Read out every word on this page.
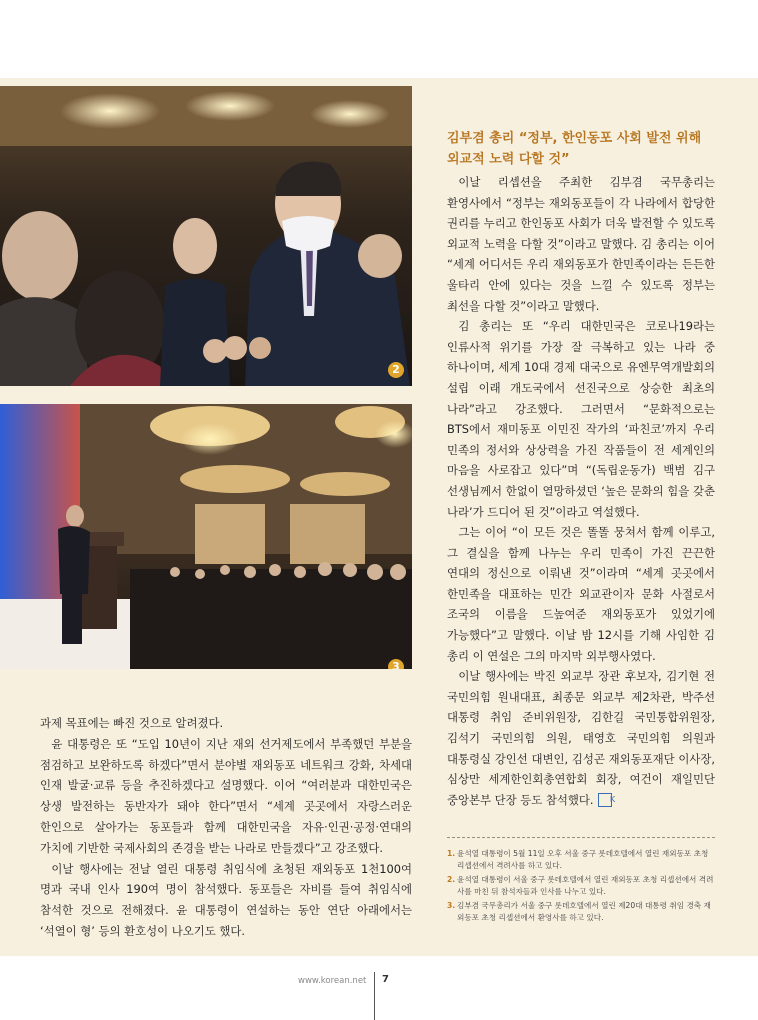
2
3
김부겸 총리 “정부, 한인동포 사회 발전 위해
외교적 노력 다할 것”

이날 리셉션을 주최한 김부겸 국무총리는 환영사에서 “정부는 재외동포들이 각 나라에서 합당한 권리를 누리고 한인동포 사회가 더욱 발전할 수 있도록 외교적 노력을 다할 것”이라고 말했다. 김 총리는 이어 “세계 어디서든 우리 재외동포가 한민족이라는 든든한 울타리 안에 있다는 것을 느낄 수 있도록 정부는 최선을 다할 것”이라고 말했다.

김 총리는 또 “우리 대한민국은 코로나19라는 인류사적 위기를 가장 잘 극복하고 있는 나라 중 하나이며, 세계 10대 경제 대국으로 유엔무역개발회의 설립 이래 개도국에서 선진국으로 상승한 최초의 나라”라고 강조했다. 그러면서 “문화적으로는 BTS에서 재미동포 이민진 작가의 ‘파친코’까지 우리 민족의 정서와 상상력을 가진 작품들이 전 세계인의 마음을 사로잡고 있다”며 “(독립운동가) 백범 김구 선생님께서 한없이 열망하셨던 ‘높은 문화의 힘을 갖춘 나라’가 드디어 된 것”이라고 역설했다.

그는 이어 “이 모든 것은 똘똘 뭉쳐서 함께 이루고, 그 결실을 함께 나누는 우리 민족이 가진 끈끈한 연대의 정신으로 이뤄낸 것”이라며 “세계 곳곳에서 한민족을 대표하는 민간 외교관이자 문화 사절로서 조국의 이름을 드높여준 재외동포가 있었기에 가능했다”고 말했다. 이날 밤 12시를 기해 사임한 김 총리 이 연설은 그의 마지막 외부행사였다.

이날 행사에는 박진 외교부 장관 후보자, 김기현 전 국민의힘 원내대표, 최종문 외교부 제2차관, 박주선 대통령 취임 준비위원장, 김한길 국민통합위원장, 김석기 국민의힘 의원, 태영호 국민의힘 의원과 대통령실 강인선 대변인, 김성곤 재외동포재단 이사장, 심상만 세계한인회총연합회 회장, 여건이 재일민단 중앙본부 단장 등도 참석했다. K

과제 목표에는 빠진 것으로 알려졌다.

윤 대통령은 또 “도입 10년이 지난 재외 선거제도에서 부족했던 부분을 점검하고 보완하도록 하겠다”면서 분야별 재외동포 네트워크 강화, 차세대 인재 발굴·교류 등을 추진하겠다고 설명했다. 이어 “여러분과 대한민국은 상생 발전하는 동반자가 돼야 한다”면서 “세계 곳곳에서 자랑스러운 한인으로 살아가는 동포들과 함께 대한민국을 자유·인권·공정·연대의 가치에 기반한 국제사회의 존경을 받는 나라로 만들겠다”고 강조했다.

이날 행사에는 전날 열린 대통령 취임식에 초청된 재외동포 1천100여 명과 국내 인사 190여 명이 참석했다. 동포들은 자비를 들여 취임식에 참석한 것으로 전해졌다. 윤 대통령이 연설하는 동안 연단 아래에서는 ‘석열이 형’ 등의 환호성이 나오기도 했다.

1. 윤석열 대통령이 5월 11일 오후 서울 중구 롯데호텔에서 열린 재외동포 초청 리셉션에서 격려사를 하고 있다.
2. 윤석열 대통령이 서울 중구 롯데호텔에서 열린 재외동포 초청 리셉션에서 격려사를 마친 뒤 참석자들과 인사를 나누고 있다.
3. 김부겸 국무총리가 서울 중구 롯데호텔에서 열린 제20대 대통령 취임 경축 재외동포 초청 리셉션에서 환영사를 하고 있다.
www.korean.net 7
